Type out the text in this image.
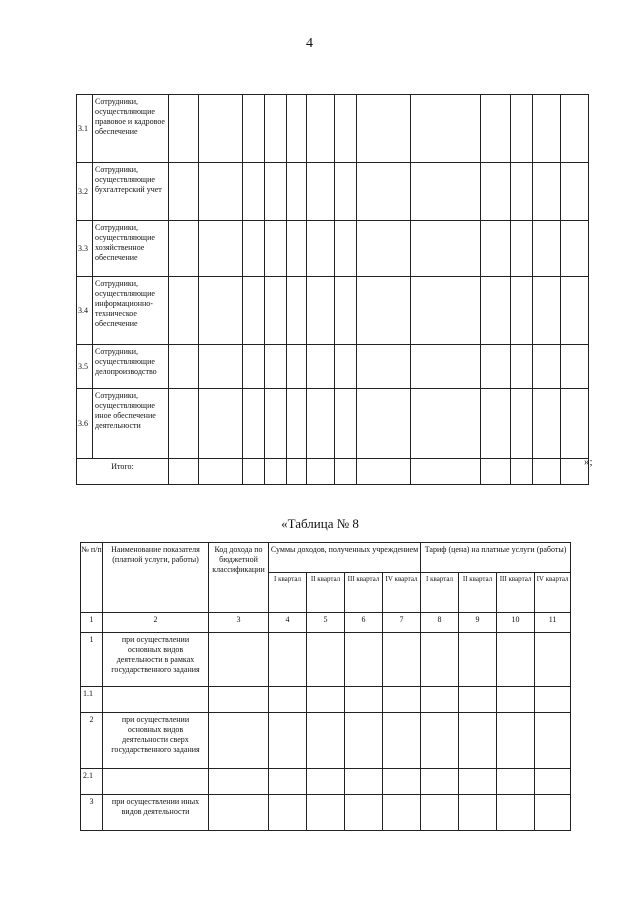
4
3.1	Сотрудники, осуществляющие правовое и кадровое обеспечение													
3.2	Сотрудники, осуществляющие бухгалтерский учет													
3.3	Сотрудники, осуществляющие хозяйственное обеспечение													
3.4	Сотрудники, осуществляющие информационно-техническое обеспечение													
3.5	Сотрудники, осуществляющие делопроизводство													
3.6	Сотрудники, осуществляющие иное обеспечение деятельности													
Итого:															»;
«Таблица № 8
№ п/п	Наименование показателя (платной услуги, работы)	Код дохода по бюджетной классификации	Суммы доходов, полученных учреждением				Тариф (цена) на платные услуги (работы)			
			I квартал	II квартал	III квартал	IV квартал	I квартал	II квартал	III квартал	IV квартал
1	2	3	4	5	6	7	8	9	10	11
1	при осуществлении основных видов деятельности в рамках государственного задания									
1.1										
2	при осуществлении основных видов деятельности сверх государственного задания									
2.1										
3	при осуществлении иных видов деятельности									
